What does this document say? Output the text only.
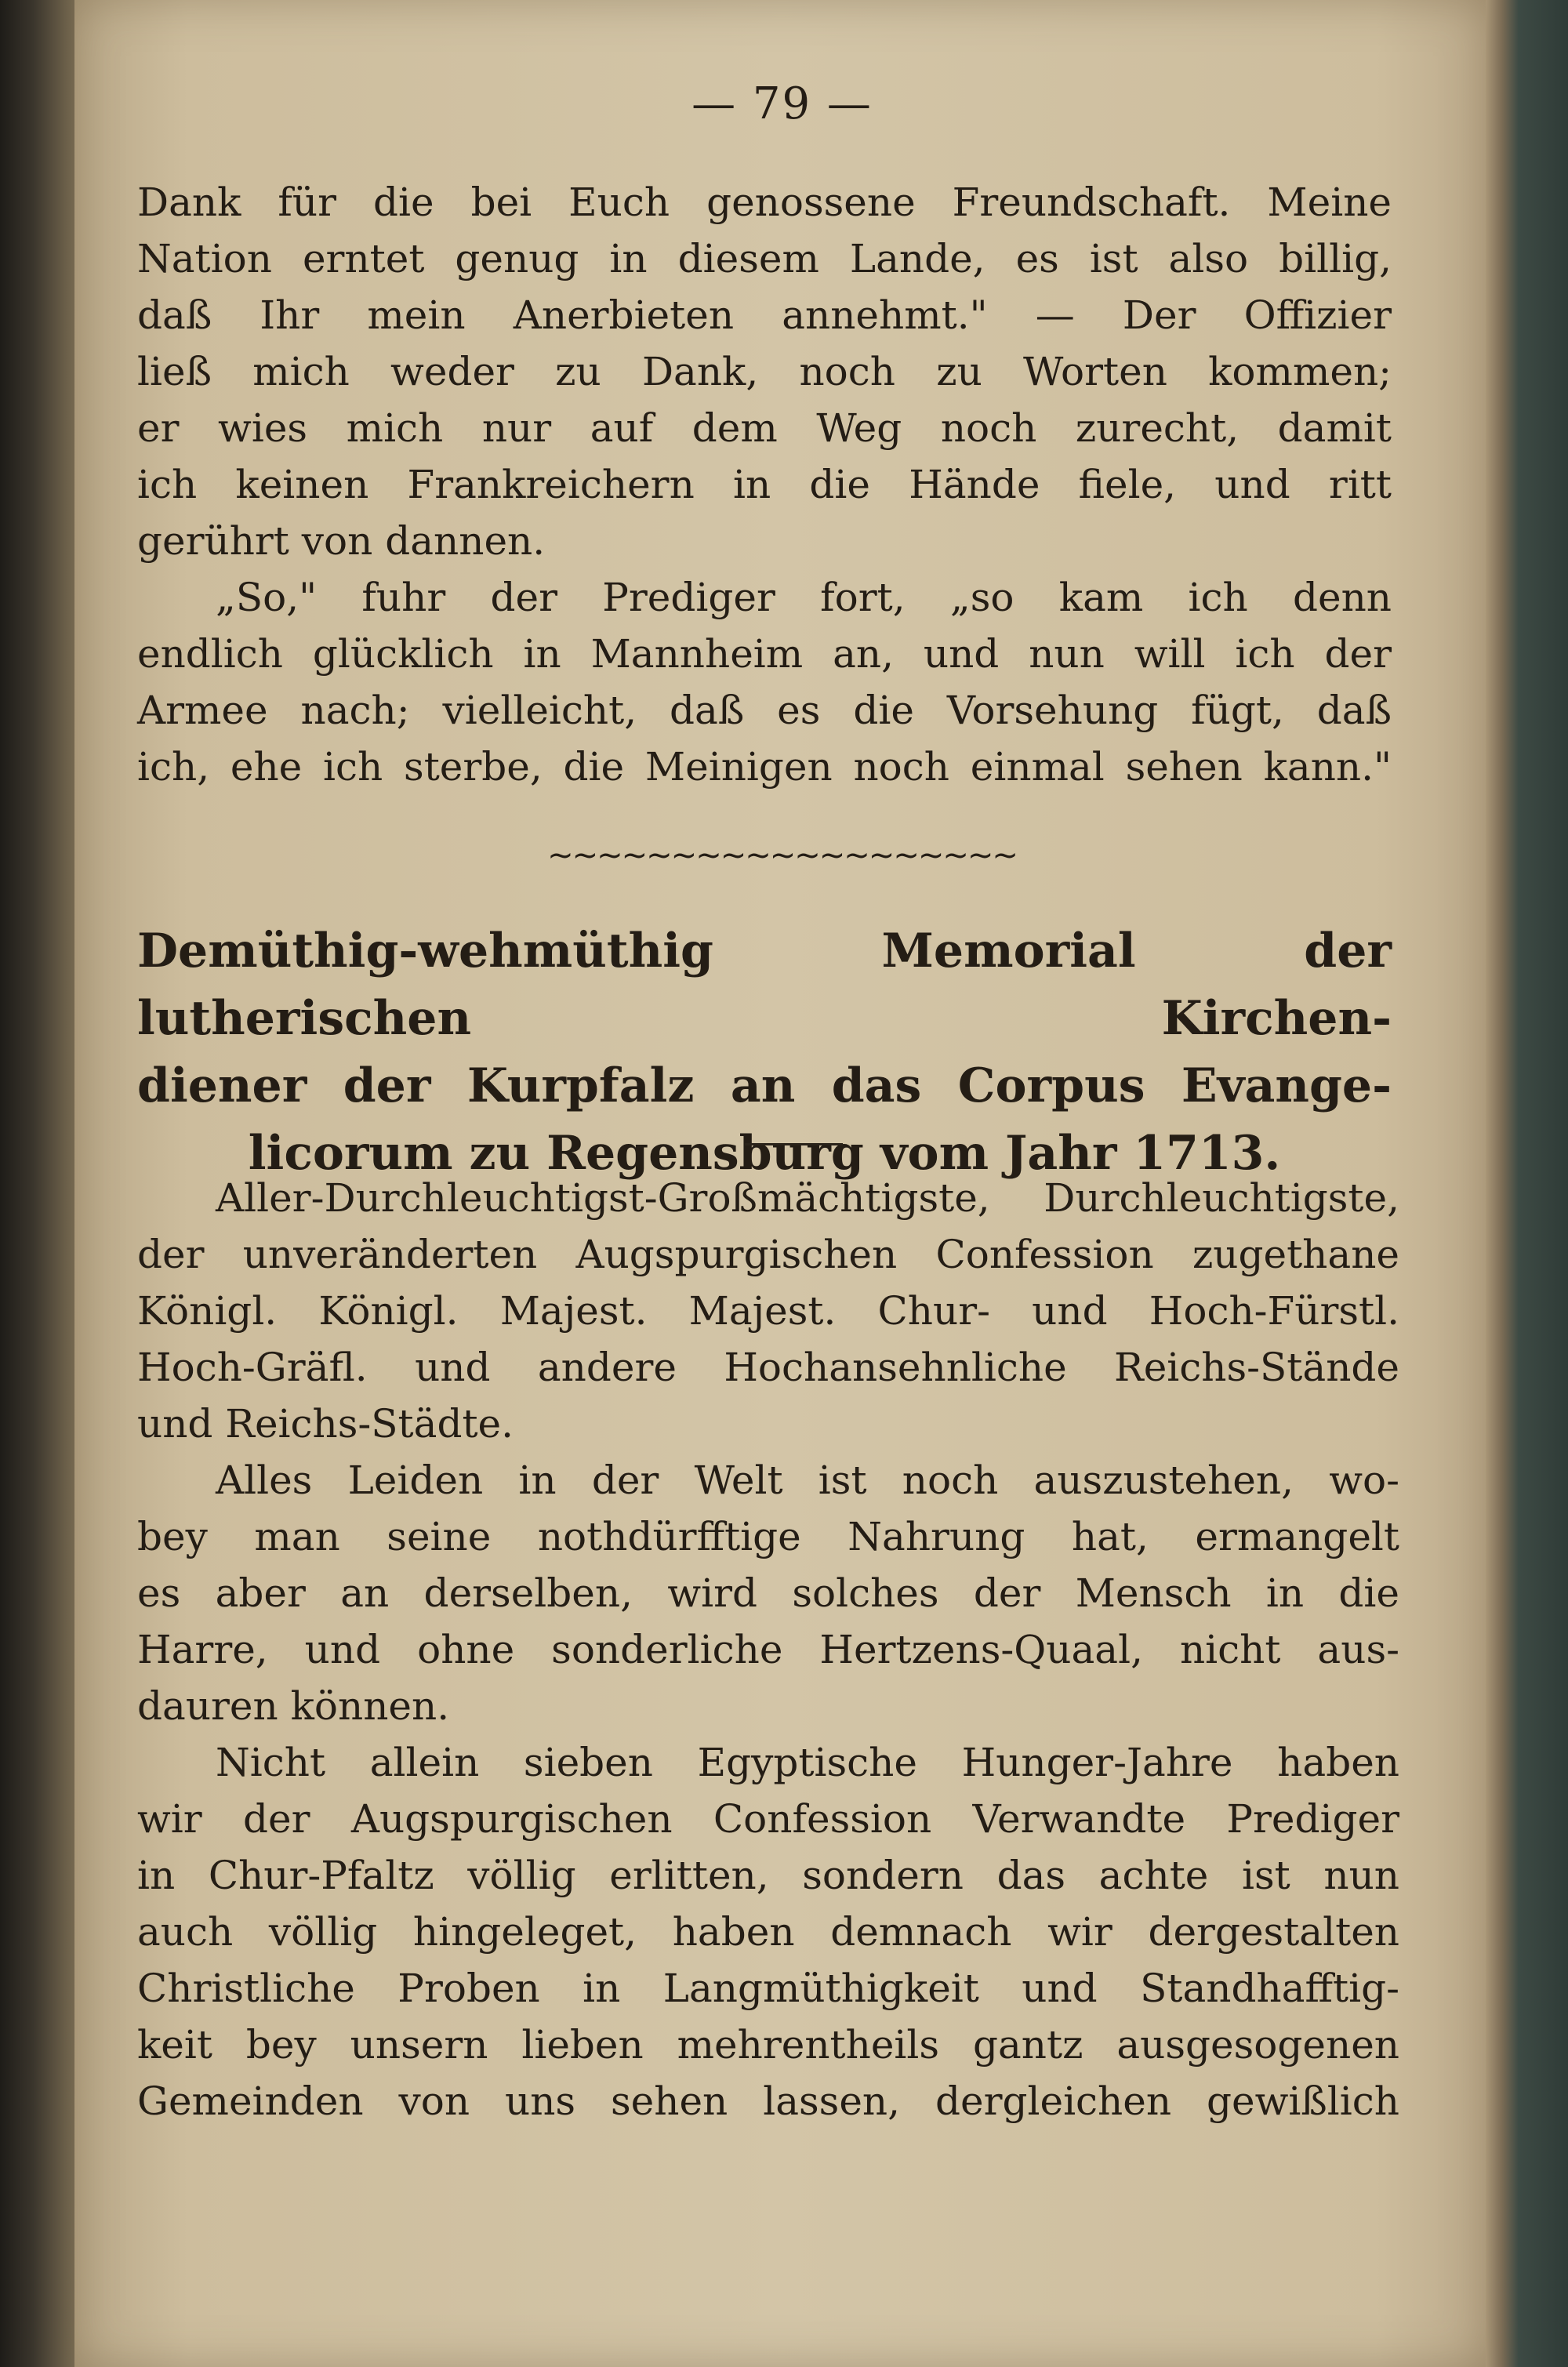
— 79 —
Dank für die bei Euch genossene Freundschaft. Meine
Nation erntet genug in diesem Lande, es ist also billig,
daß Ihr mein Anerbieten annehmt." — Der Offizier
ließ mich weder zu Dank, noch zu Worten kommen;
er wies mich nur auf dem Weg noch zurecht, damit
ich keinen Frankreichern in die Hände fiele, und ritt
gerührt von dannen.
„So," fuhr der Prediger fort, „so kam ich denn
endlich glücklich in Mannheim an, und nun will ich der
Armee nach; vielleicht, daß es die Vorsehung fügt, daß
ich, ehe ich sterbe, die Meinigen noch einmal sehen kann."
~~~~~~~~~~~~~~~~~~~
Demüthig-wehmüthig Memorial der lutherischen Kirchen-
diener der Kurpfalz an das Corpus Evange-
licorum zu Regensburg vom Jahr 1713.
Aller-Durchleuchtigst-Großmächtigste, Durchleuchtigste,
der unveränderten Augspurgischen Confession zugethane
Königl. Königl. Majest. Majest. Chur- und Hoch-Fürstl.
Hoch-Gräfl. und andere Hochansehnliche Reichs-Stände
und Reichs-Städte.
Alles Leiden in der Welt ist noch auszustehen, wo-
bey man seine nothdürfftige Nahrung hat, ermangelt
es aber an derselben, wird solches der Mensch in die
Harre, und ohne sonderliche Hertzens-Quaal, nicht aus-
dauren können.
Nicht allein sieben Egyptische Hunger-Jahre haben
wir der Augspurgischen Confession Verwandte Prediger
in Chur-Pfaltz völlig erlitten, sondern das achte ist nun
auch völlig hingeleget, haben demnach wir dergestalten
Christliche Proben in Langmüthigkeit und Standhafftig-
keit bey unsern lieben mehrentheils gantz ausgesogenen
Gemeinden von uns sehen lassen, dergleichen gewißlich
